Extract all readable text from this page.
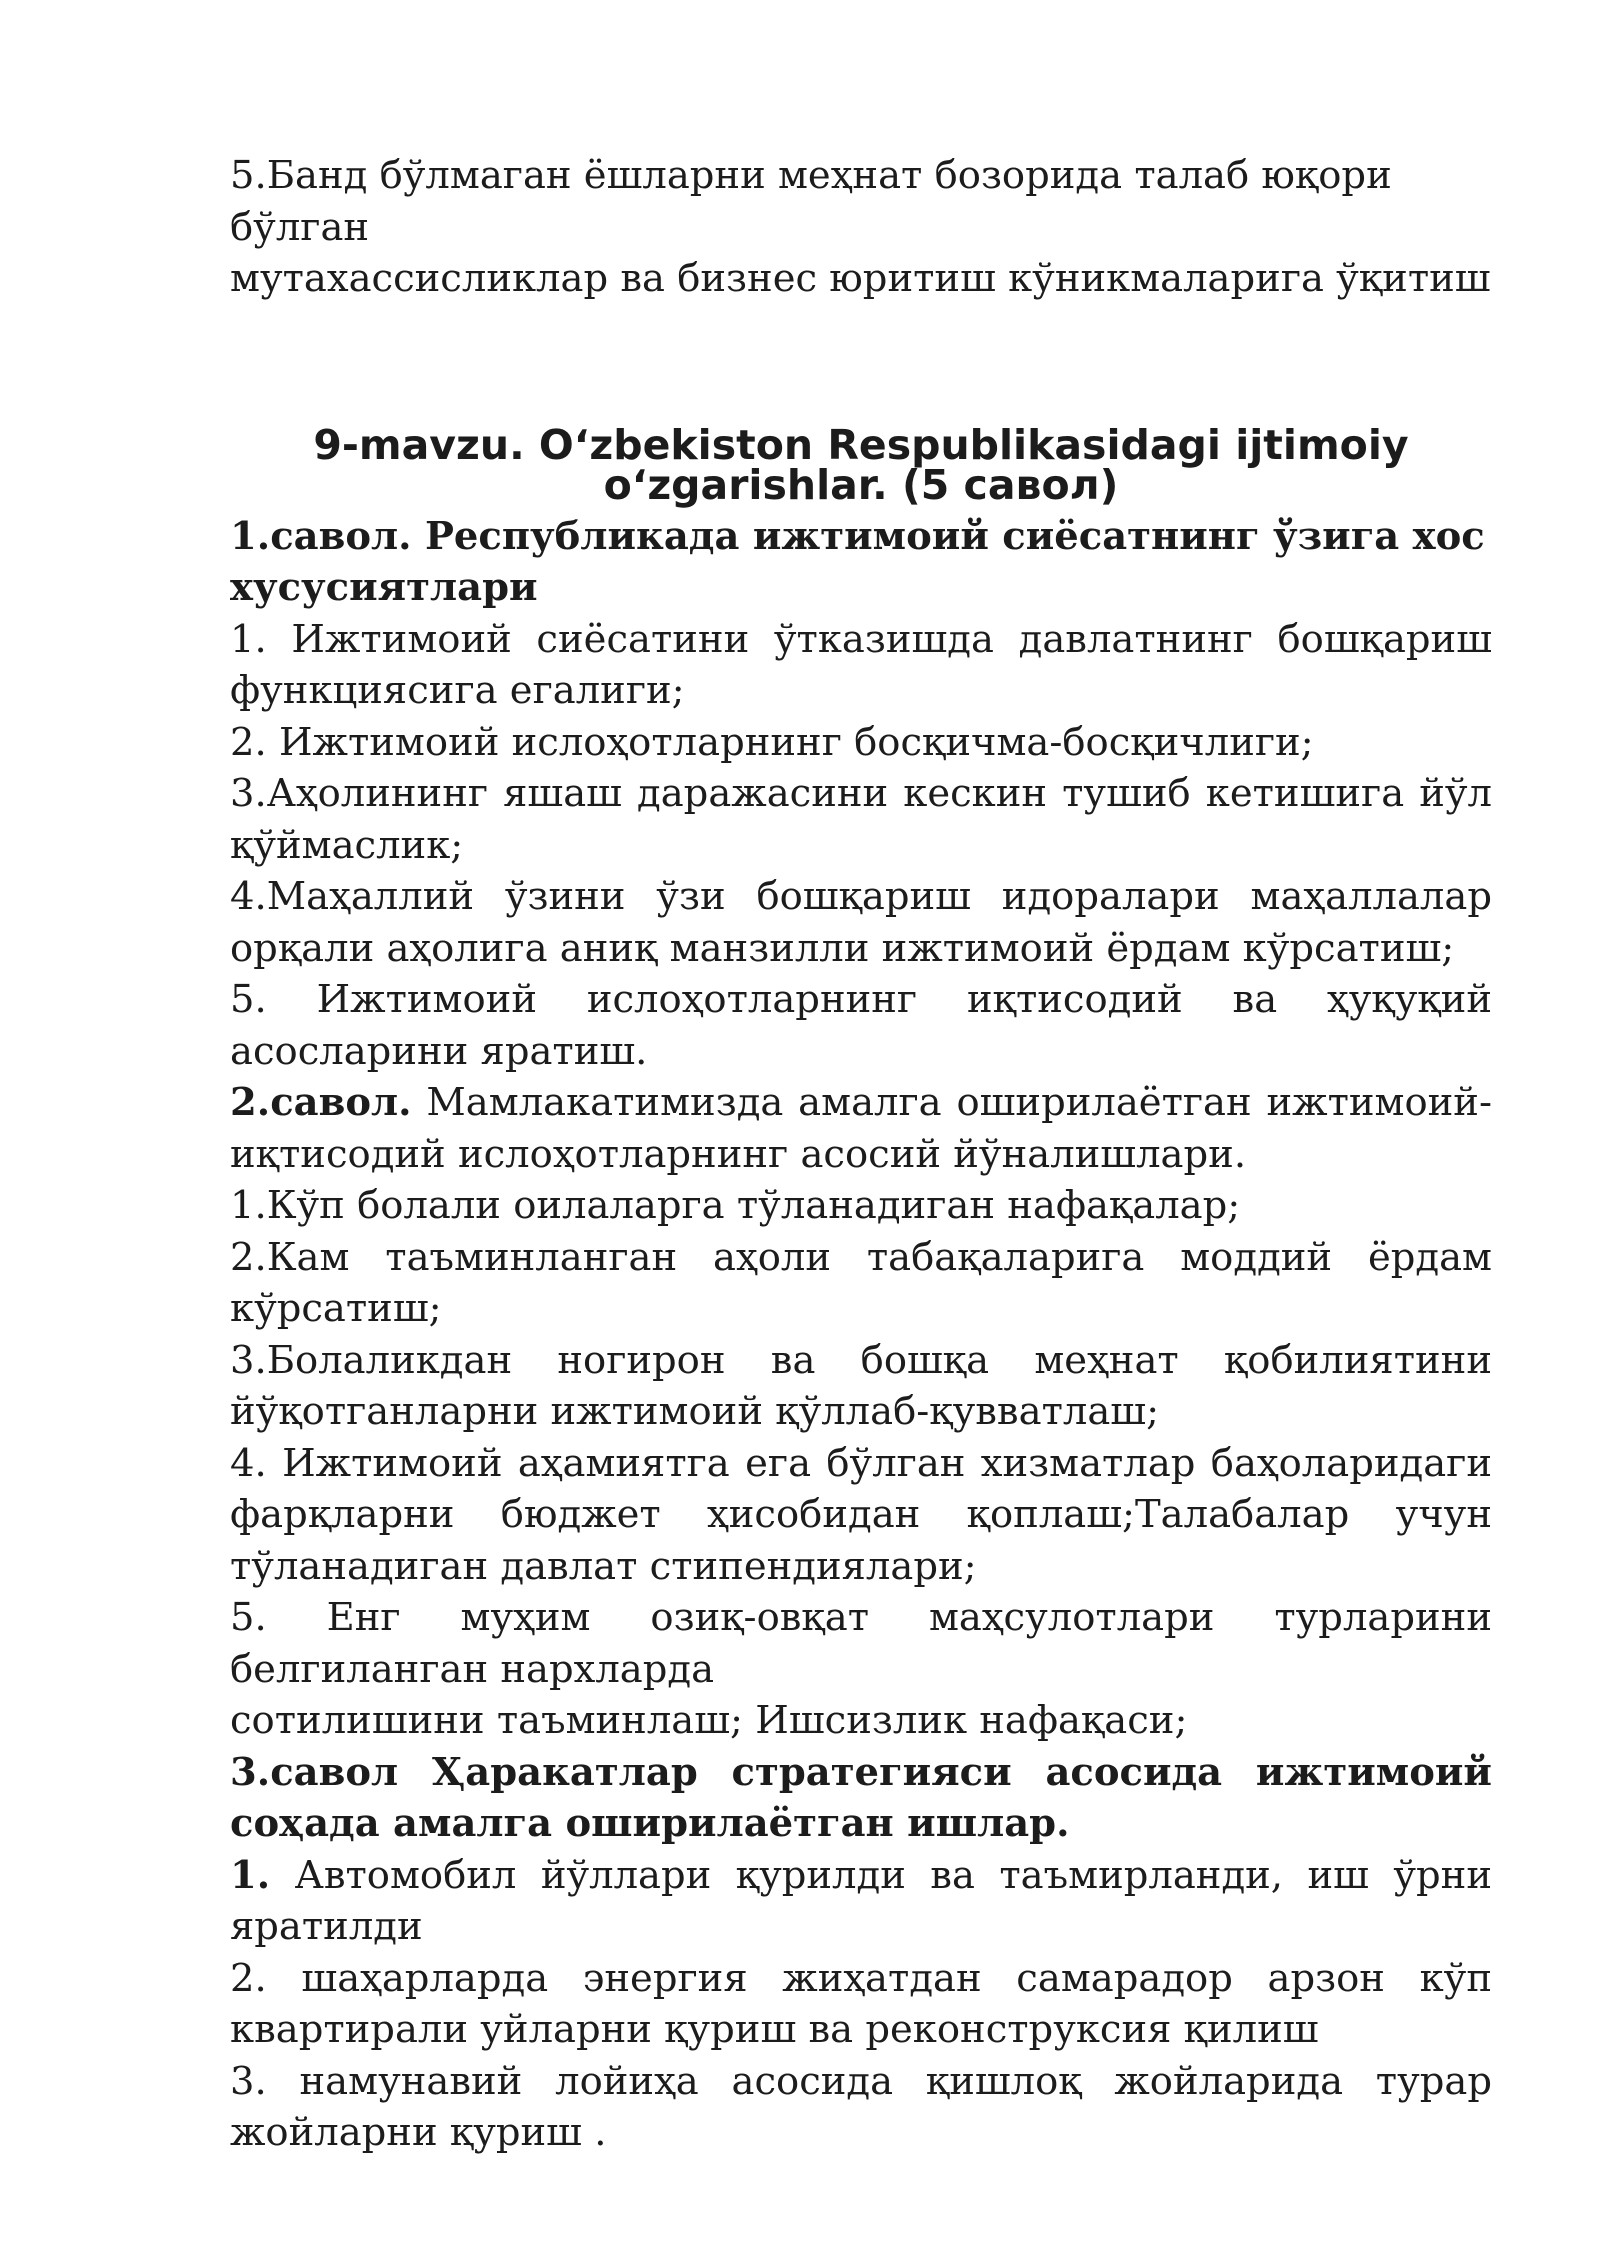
5.Банд бўлмаган ёшларни меҳнат бозорида талаб юқори бўлган
мутахассисликлар ва бизнес юритиш кўникмаларига ўқитиш

9-mavzu. O‘zbekiston Respublikasidagi ijtimoiy
o‘zgarishlar. (5 савол)

1.савол. Республикада ижтимоий сиёсатнинг ўзига хос хусусиятлари

1. Ижтимоий сиёсатини ўтказишда давлатнинг бошқариш функциясига егалиги;

2. Ижтимоий ислоҳотларнинг босқичма-босқичлиги;

3.Аҳолининг яшаш даражасини кескин тушиб кетишига йўл қўймаслик;

4.Маҳаллий ўзини ўзи бошқариш идоралари маҳаллалар орқали аҳолига аниқ манзилли ижтимоий ёрдам кўрсатиш;

5. Ижтимоий ислоҳотларнинг иқтисодий ва ҳуқуқий асосларини яратиш.

2.савол. Мамлакатимизда амалга оширилаётган ижтимоий-иқтисодий ислоҳотларнинг асосий йўналишлари.

1.Кўп болали оилаларга тўланадиган нафақалар;

2.Кам таъминланган аҳоли табақаларига моддий ёрдам кўрсатиш;

3.Болаликдан ногирон ва бошқа меҳнат қобилиятини йўқотганларни ижтимоий қўллаб-қувватлаш;

4. Ижтимоий аҳамиятга ега бўлган хизматлар баҳоларидаги фарқларни бюджет ҳисобидан қоплаш;Талабалар учун тўланадиган давлат стипендиялари;

5. Енг муҳим озиқ-овқат маҳсулотлари турларини белгиланган нархларда

сотилишини таъминлаш; Ишсизлик нафақаси;

3.савол Ҳаракатлар стратегияси асосида ижтимоий соҳада амалга оширилаётган ишлар.

1. Автомобил йўллари қурилди ва таъмирланди, иш ўрни яратилди

2. шаҳарларда энергия жиҳатдан самарадор арзон кўп квартирали уйларни қуриш ва реконструксия қилиш

3. намунавий лойиҳа асосида қишлоқ жойларида турар жойларни қуриш .
